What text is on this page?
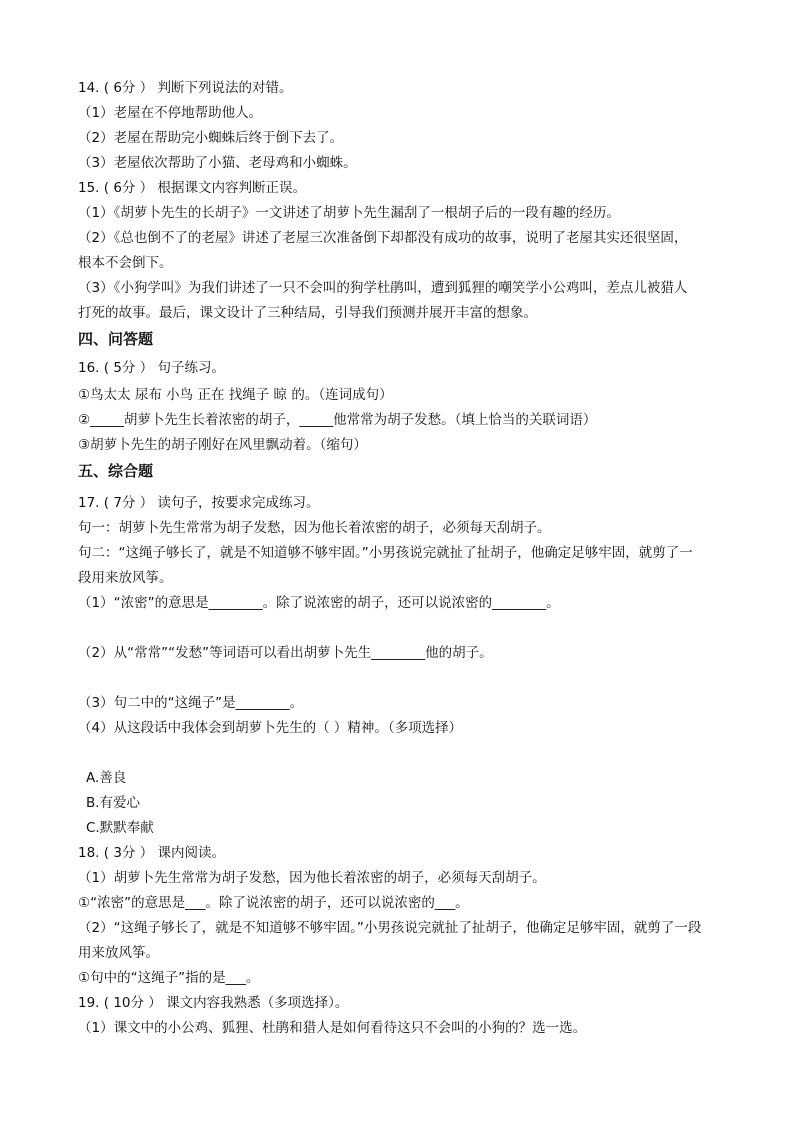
14. ( 6分 ） 判断下列说法的对错。
（1）老屋在不停地帮助他人。
（2）老屋在帮助完小蜘蛛后终于倒下去了。
（3）老屋依次帮助了小猫、老母鸡和小蜘蛛。
15. ( 6分 ） 根据课文内容判断正误。
（1）《胡萝卜先生的长胡子》一文讲述了胡萝卜先生漏刮了一根胡子后的一段有趣的经历。
（2）《总也倒不了的老屋》讲述了老屋三次准备倒下却都没有成功的故事，说明了老屋其实还很坚固，
根本不会倒下。
（3）《小狗学叫》为我们讲述了一只不会叫的狗学杜鹃叫，遭到狐狸的嘲笑学小公鸡叫，差点儿被猎人
打死的故事。最后，课文设计了三种结局，引导我们预测并展开丰富的想象。
四、问答题
16. ( 5分 ） 句子练习。
①鸟太太 尿布 小鸟 正在 找绳子 晾 的。（连词成句）
②_____胡萝卜先生长着浓密的胡子，_____他常常为胡子发愁。（填上恰当的关联词语）
③胡萝卜先生的胡子刚好在风里飘动着。（缩句）
五、综合题
17. ( 7分 ） 读句子，按要求完成练习。
句一：胡萝卜先生常常为胡子发愁，因为他长着浓密的胡子，必须每天刮胡子。
句二：“这绳子够长了，就是不知道够不够牢固。”小男孩说完就扯了扯胡子，他确定足够牢固，就剪了一
段用来放风筝。
（1）“浓密”的意思是________。除了说浓密的胡子，还可以说浓密的________。
（2）从“常常”“发愁”等词语可以看出胡萝卜先生________他的胡子。
（3）句二中的“这绳子”是________。
（4）从这段话中我体会到胡萝卜先生的（ ）精神。（多项选择）
A.善良
B.有爱心
C.默默奉献
18. ( 3分 ） 课内阅读。
（1）胡萝卜先生常常为胡子发愁，因为他长着浓密的胡子，必须每天刮胡子。
①“浓密”的意思是___。除了说浓密的胡子，还可以说浓密的___。
（2）“这绳子够长了，就是不知道够不够牢固。”小男孩说完就扯了扯胡子，他确定足够牢固，就剪了一段
用来放风筝。
①句中的“这绳子”指的是___。
19. ( 10分 ） 课文内容我熟悉（多项选择）。
（1）课文中的小公鸡、狐狸、杜鹃和猎人是如何看待这只不会叫的小狗的？选一选。
